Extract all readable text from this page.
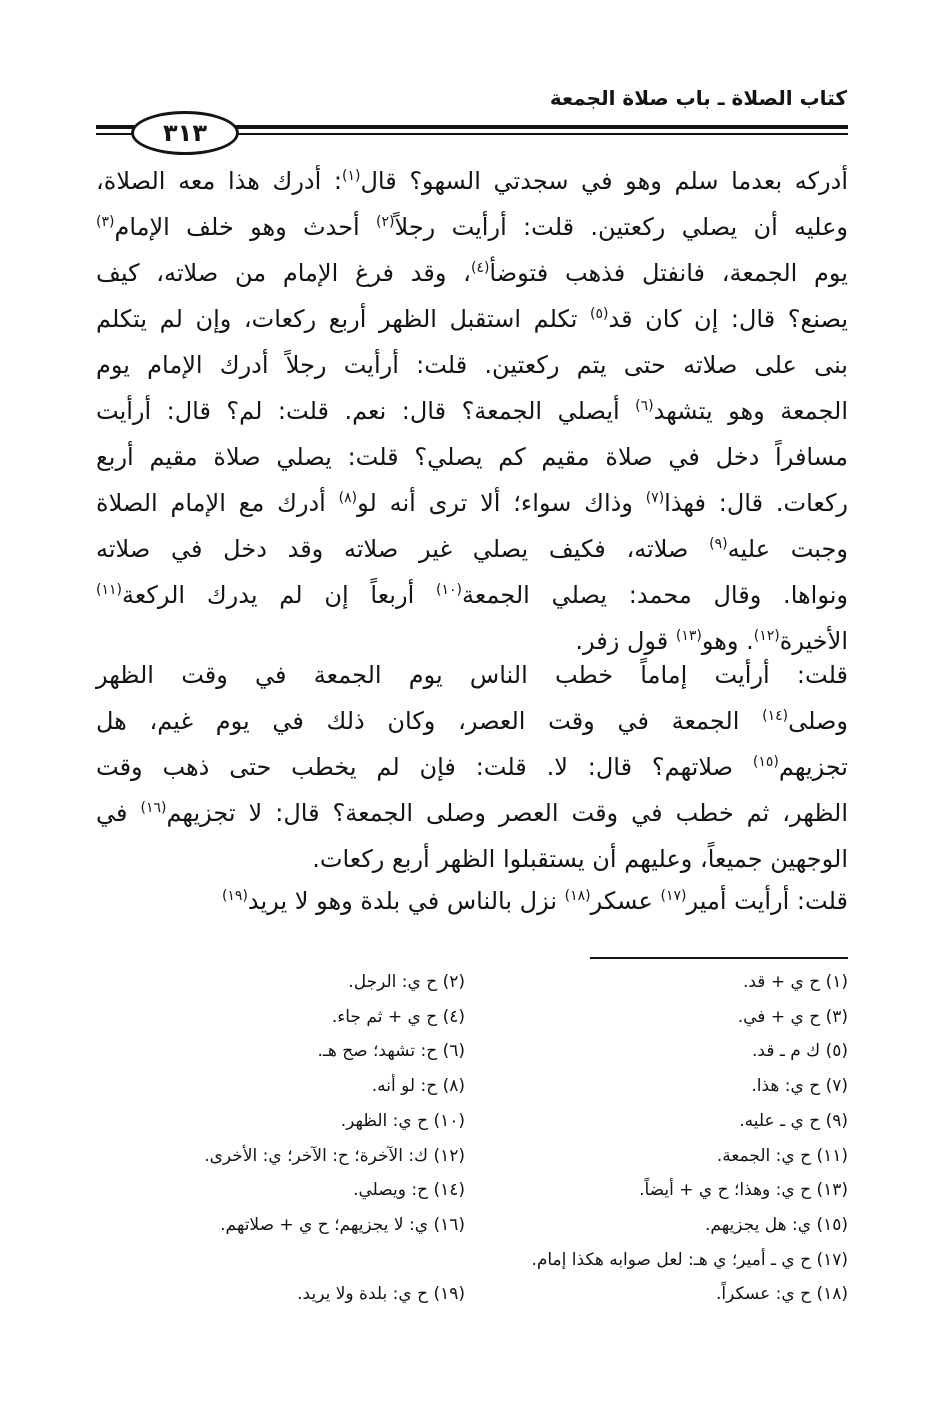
كتاب الصلاة ـ باب صلاة الجمعة
٣١٣
أدركه بعدما سلم وهو في سجدتي السهو؟ قال$^{(١)}$: أدرك هذا معه الصلاة،
وعليه أن يصلي ركعتين. قلت: أرأيت رجلاً$^{(٢)}$ أحدث وهو خلف الإمام$^{(٣)}$
يوم الجمعة، فانفتل فذهب فتوضأ$^{(٤)}$، وقد فرغ الإمام من صلاته، كيف
يصنع؟ قال: إن كان قد$^{(٥)}$ تكلم استقبل الظهر أربع ركعات، وإن لم يتكلم
بنى على صلاته حتى يتم ركعتين. قلت: أرأيت رجلاً أدرك الإمام يوم
الجمعة وهو يتشهد$^{(٦)}$ أيصلي الجمعة؟ قال: نعم. قلت: لم؟ قال: أرأيت
مسافراً دخل في صلاة مقيم كم يصلي؟ قلت: يصلي صلاة مقيم أربع
ركعات. قال: فهذا$^{(٧)}$ وذاك سواء؛ ألا ترى أنه لو$^{(٨)}$ أدرك مع الإمام الصلاة
وجبت عليه$^{(٩)}$ صلاته، فكيف يصلي غير صلاته وقد دخل في صلاته
ونواها. وقال محمد: يصلي الجمعة$^{(١٠)}$ أربعاً إن لم يدرك الركعة$^{(١١)}$
الأخيرة$^{(١٢)}$. وهو$^{(١٣)}$ قول زفر.
قلت: أرأيت إماماً خطب الناس يوم الجمعة في وقت الظهر
وصلى$^{(١٤)}$ الجمعة في وقت العصر، وكان ذلك في يوم غيم، هل
تجزيهم$^{(١٥)}$ صلاتهم؟ قال: لا. قلت: فإن لم يخطب حتى ذهب وقت
الظهر، ثم خطب في وقت العصر وصلى الجمعة؟ قال: لا تجزيهم$^{(١٦)}$ في
الوجهين جميعاً، وعليهم أن يستقبلوا الظهر أربع ركعات.
قلت: أرأيت أمير$^{(١٧)}$ عسكر$^{(١٨)}$ نزل بالناس في بلدة وهو لا يريد$^{(١٩)}$
(١) ح ي + قد.
(٣) ح ي + في.
(٥) ك م ـ قد.
(٧) ح ي: هذا.
(٩) ح ي ـ عليه.
(١١) ح ي: الجمعة.
(١٣) ح ي: وهذا؛ ح ي + أيضاً.
(١٥) ي: هل يجزيهم.
(١٧) ح ي ـ أمير؛ ي هـ: لعل صوابه هكذا إمام.
(١٨) ح ي: عسكراً.
(٢) ح ي: الرجل.
(٤) ح ي + ثم جاء.
(٦) ح: تشهد؛ صح هـ.
(٨) ح: لو أنه.
(١٠) ح ي: الظهر.
(١٢) ك: الآخرة؛ ح: الآخر؛ ي: الأخرى.
(١٤) ح: ويصلي.
(١٦) ي: لا يجزيهم؛ ح ي + صلاتهم.
(١٩) ح ي: بلدة ولا يريد.
